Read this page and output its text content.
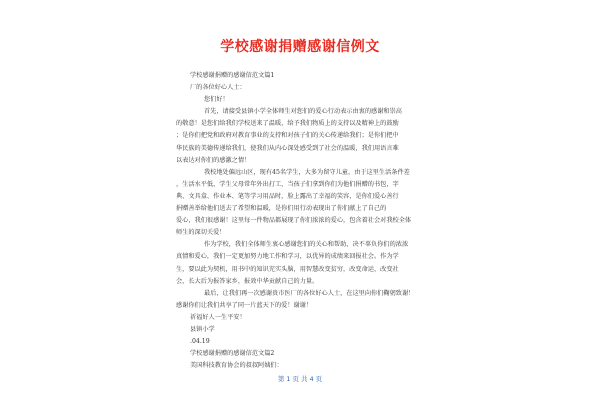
学校感谢捐赠感谢信例文
学校感谢捐赠的感谢信范文篇1
厂的各位好心人士：
您们好！
首先，请接受县镇小学全体师生对您们的爱心行动表示由衷的感谢和崇高
的敬意！是您们给我们学校送来了温暖，给予我们物质上的支持以及精神上的鼓励
；是你们把党和政府对教育事业的支持和对孩子们的关心传递给我们；是你们把中
华民族的美德传递给我们，使我们从内心深处感受到了社会的温暖，我们用语言难
以表达对你们的感激之情！
我校地处偏远山区，现有45名学生，大多为留守儿童，由于这里生活条件差
，生活水平低，学生父母常年外出打工，当孩子们拿到你们为他们捐赠的书包，字
典、文具盒、作业本、笔等学习用品时，脸上露出了幸福的笑容，是你们爱心善行
捐赠善举给他们送去了希望和温暖，是你们用行动表现出了你们献上了自己的
爱心，我们很感谢！这里每一件物品都展现了你们浓浓的爱心，包含着社会对我校全体
师生的深切关爱！
作为学校，我们全体师生衷心感谢您们的关心和帮助，决不辜负你们的浓浓
真情和爱心，我们一定更加努力地工作和学习，以优异的成绩来回报社会。作为学
生，要以此为契机，用书中的知识充实头脑，用智慧改变贫穷，改变命运，改变社
会，长大后为报答家乡，报效中华贡献自己的力量。
最后，让我们再一次感谢贵市医厂的各位好心人士，在这里向你们鞠躬致谢！
感谢你们让我们共享了同一片蓝天下的爱！谢谢！
祈福好人一生平安！
县镇小学
.04.19
学校感谢捐赠的感谢信范文篇2
美国科技教育协会的叔叔阿姨们：
第 1 页 共 4 页
